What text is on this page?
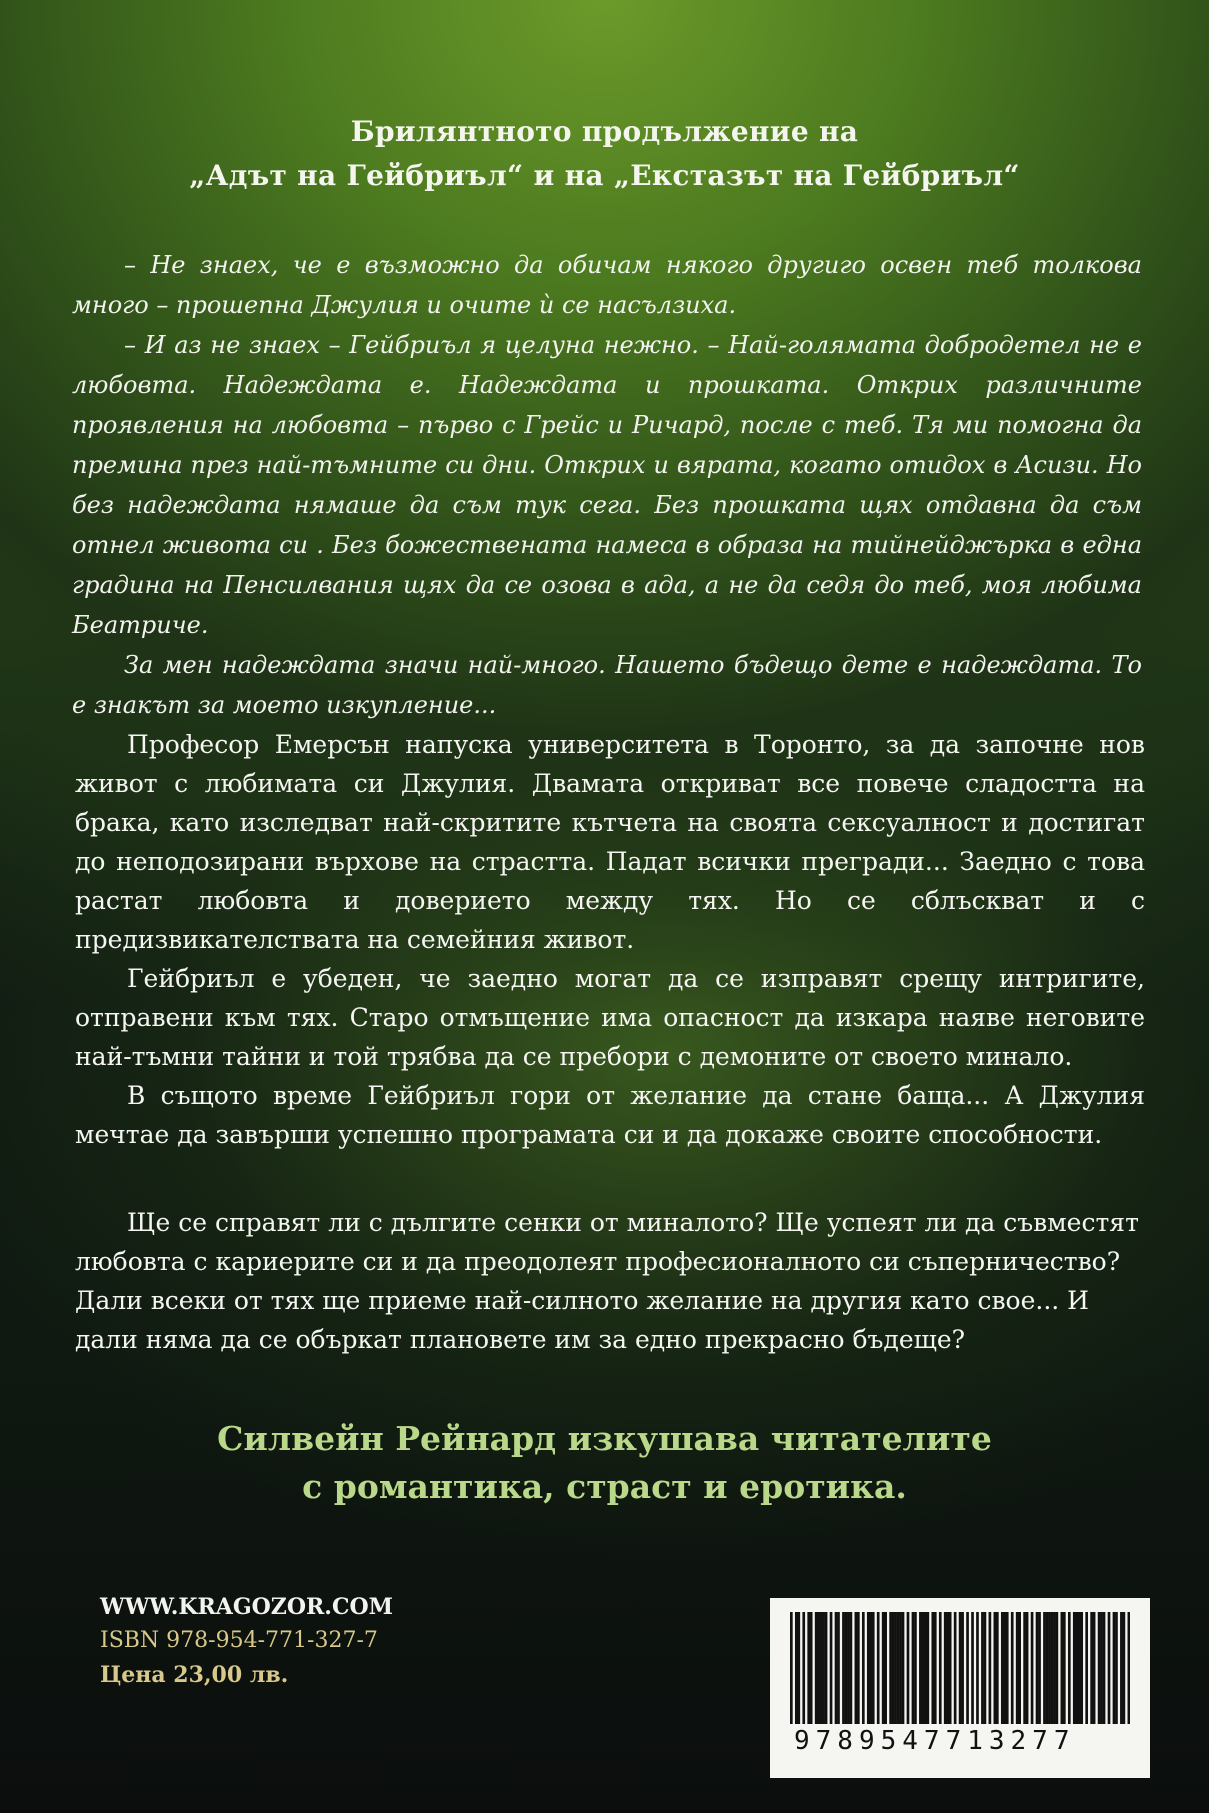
Брилянтното продължение на
„Адът на Гейбриъл“ и на „Екстазът на Гейбриъл“

– Не знаех, че е възможно да обичам някого другиго освен теб толкова много – прошепна Джулия и очите ѝ се насълзиха.

– И аз не знаех – Гейбриъл я целуна нежно. – Най-голямата добродетел не е любовта. Надеждата е. Надеждата и прошката. Открих различните проявления на любовта – първо с Грейс и Ричард, после с теб. Тя ми помогна да премина през най-тъмните си дни. Открих и вярата, когато отидох в Асизи. Но без надеждата нямаше да съм тук сега. Без прошката щях отдавна да съм отнел живота си . Без божествената намеса в образа на тийнейджърка в една градина на Пенсилвания щях да се озова в ада, а не да седя до теб, моя любима Беатриче.

За мен надеждата значи най-много. Нашето бъдещо дете е надеждата. То е знакът за моето изкупление...

Професор Емерсън напуска университета в Торонто, за да започне нов живот с любимата си Джулия. Двамата откриват все повече сладостта на брака, като изследват най-скритите кътчета на своята сексуалност и достигат до неподозирани върхове на страстта. Падат всички прегради... Заедно с това растат любовта и доверието между тях. Но се сблъскват и с предизвикателствата на семейния живот.

Гейбриъл е убеден, че заедно могат да се изправят срещу интригите, отправени към тях. Старо отмъщение има опасност да изкара наяве неговите най-тъмни тайни и той трябва да се пребори с демоните от своето минало.

В същото време Гейбриъл гори от желание да стане баща... А Джулия мечтае да завърши успешно програмата си и да докаже своите способности.

Ще се справят ли с дългите сенки от миналото? Ще успеят ли да съвместят любовта с кариерите си и да преодолеят професионалното си съперничество? Дали всеки от тях ще приеме най-силното желание на другия като свое... И дали няма да се объркат плановете им за едно прекрасно бъдеще?

Силвейн Рейнард изкушава читателите
с романтика, страст и еротика.
WWW.KRAGOZOR.COM
ISBN 978-954-771-327-7
Цена 23,00 лв.
9789547713277
